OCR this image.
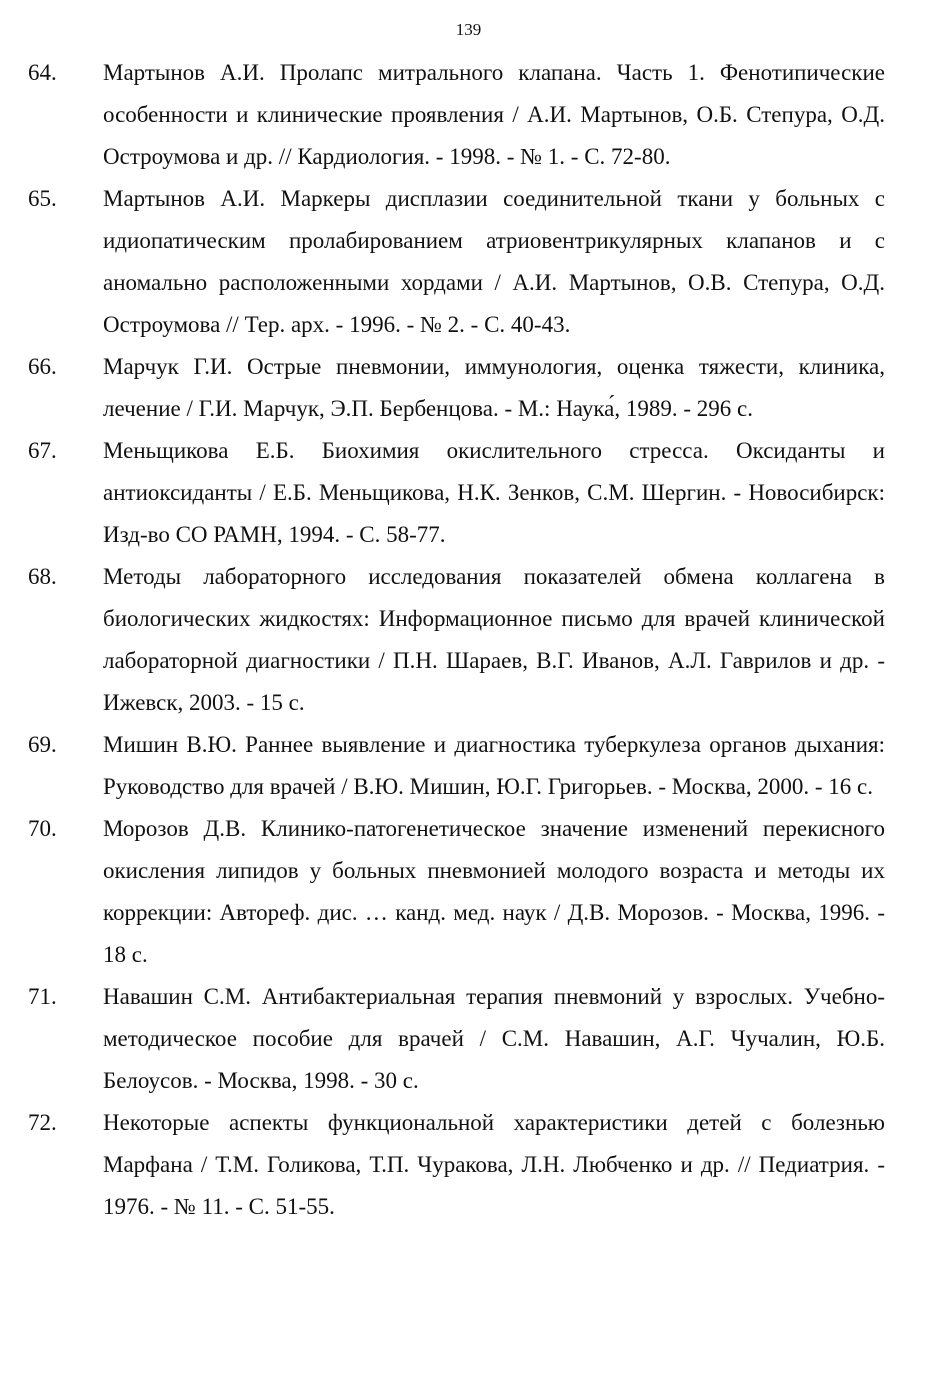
139
64.	Мартынов А.И. Пролапс митрального клапана. Часть 1. Фенотипические особенности и клинические проявления / А.И. Мартынов, О.Б. Степура, О.Д. Остроумова и др. // Кардиология. - 1998. - № 1. - С. 72-80.
65.	Мартынов А.И. Маркеры дисплазии соединительной ткани у больных с идиопатическим пролабированием атриовентрикулярных клапанов и с аномально расположенными хордами / А.И. Мартынов, О.В. Степура, О.Д. Остроумова // Тер. арх. - 1996. - № 2. - С. 40-43.
66.	Марчук Г.И. Острые пневмонии, иммунология, оценка тяжести, клиника, лечение / Г.И. Марчук, Э.П. Бербенцова. - М.: Наука́, 1989. - 296 с.
67.	Меньщикова Е.Б. Биохимия окислительного стресса. Оксиданты и антиоксиданты / Е.Б. Меньщикова, Н.К. Зенков, С.М. Шергин. - Новосибирск: Изд-во СО РАМН, 1994. - С. 58-77.
68.	Методы лабораторного исследования показателей обмена коллагена в биологических жидкостях: Информационное письмо для врачей клинической лабораторной диагностики / П.Н. Шараев, В.Г. Иванов, А.Л. Гаврилов и др. - Ижевск, 2003. - 15 с.
69.	Мишин В.Ю. Раннее выявление и диагностика туберкулеза органов дыхания: Руководство для врачей / В.Ю. Мишин, Ю.Г. Григорьев. - Москва, 2000. - 16 с.
70.	Морозов Д.В. Клинико-патогенетическое значение изменений перекисного окисления липидов у больных пневмонией молодого возраста и методы их коррекции: Автореф. дис. … канд. мед. наук / Д.В. Морозов. - Москва, 1996. - 18 с.
71.	Навашин С.М. Антибактериальная терапия пневмоний у взрослых. Учебно-методическое пособие для врачей / С.М. Навашин, А.Г. Чучалин, Ю.Б. Белоусов. - Москва, 1998. - 30 с.
72.	Некоторые аспекты функциональной характеристики детей с болезнью Марфана / Т.М. Голикова, Т.П. Чуракова, Л.Н. Любченко и др. // Педиатрия. - 1976. - № 11. - С. 51-55.
